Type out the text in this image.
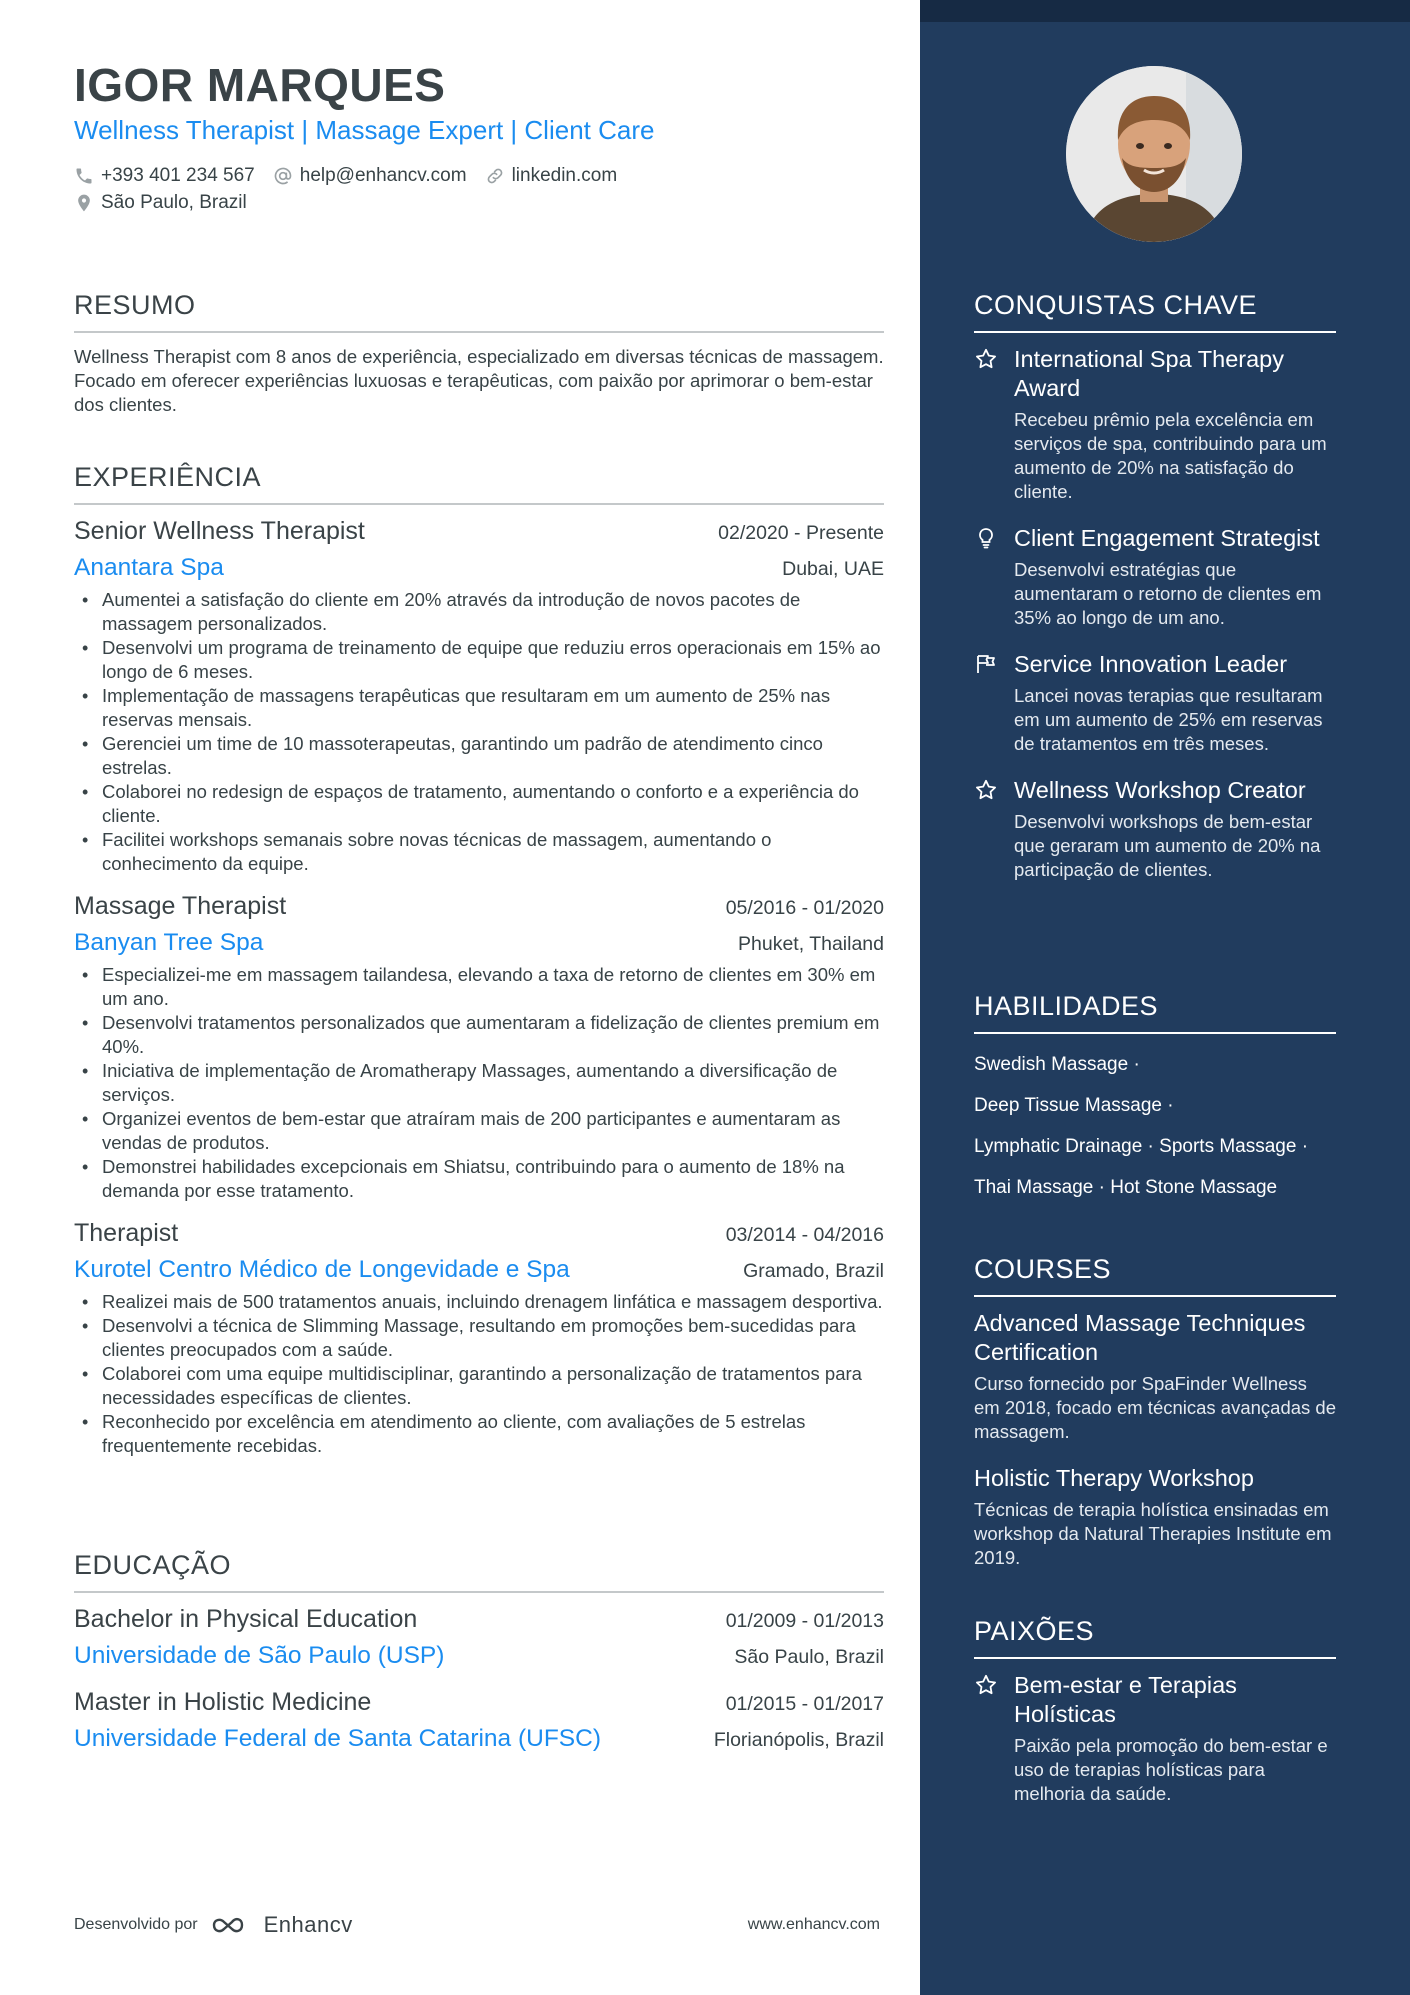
IGOR MARQUES
Wellness Therapist | Massage Expert | Client Care
+393 401 234 567 help@enhancv.com linkedin.com
São Paulo, Brazil
RESUMO
Wellness Therapist com 8 anos de experiência, especializado em diversas técnicas de massagem. Focado em oferecer experiências luxuosas e terapêuticas, com paixão por aprimorar o bem-estar dos clientes.
EXPERIÊNCIA
Senior Wellness Therapist	02/2020 - Presente
Anantara Spa	Dubai, UAE
• Aumentei a satisfação do cliente em 20% através da introdução de novos pacotes de massagem personalizados.
• Desenvolvi um programa de treinamento de equipe que reduziu erros operacionais em 15% ao longo de 6 meses.
• Implementação de massagens terapêuticas que resultaram em um aumento de 25% nas reservas mensais.
• Gerenciei um time de 10 massoterapeutas, garantindo um padrão de atendimento cinco estrelas.
• Colaborei no redesign de espaços de tratamento, aumentando o conforto e a experiência do cliente.
• Facilitei workshops semanais sobre novas técnicas de massagem, aumentando o conhecimento da equipe.
Massage Therapist	05/2016 - 01/2020
Banyan Tree Spa	Phuket, Thailand
• Especializei-me em massagem tailandesa, elevando a taxa de retorno de clientes em 30% em um ano.
• Desenvolvi tratamentos personalizados que aumentaram a fidelização de clientes premium em 40%.
• Iniciativa de implementação de Aromatherapy Massages, aumentando a diversificação de serviços.
• Organizei eventos de bem-estar que atraíram mais de 200 participantes e aumentaram as vendas de produtos.
• Demonstrei habilidades excepcionais em Shiatsu, contribuindo para o aumento de 18% na demanda por esse tratamento.
Therapist	03/2014 - 04/2016
Kurotel Centro Médico de Longevidade e Spa	Gramado, Brazil
• Realizei mais de 500 tratamentos anuais, incluindo drenagem linfática e massagem desportiva.
• Desenvolvi a técnica de Slimming Massage, resultando em promoções bem-sucedidas para clientes preocupados com a saúde.
• Colaborei com uma equipe multidisciplinar, garantindo a personalização de tratamentos para necessidades específicas de clientes.
• Reconhecido por excelência em atendimento ao cliente, com avaliações de 5 estrelas frequentemente recebidas.
EDUCAÇÃO
Bachelor in Physical Education	01/2009 - 01/2013
Universidade de São Paulo (USP)	São Paulo, Brazil
Master in Holistic Medicine	01/2015 - 01/2017
Universidade Federal de Santa Catarina (UFSC)	Florianópolis, Brazil
Desenvolvido por	Enhancv	www.enhancv.com
CONQUISTAS CHAVE
International Spa Therapy Award
Recebeu prêmio pela excelência em serviços de spa, contribuindo para um aumento de 20% na satisfação do cliente.
Client Engagement Strategist
Desenvolvi estratégias que aumentaram o retorno de clientes em 35% ao longo de um ano.
Service Innovation Leader
Lancei novas terapias que resultaram em um aumento de 25% em reservas de tratamentos em três meses.
Wellness Workshop Creator
Desenvolvi workshops de bem-estar que geraram um aumento de 20% na participação de clientes.
HABILIDADES
Swedish Massage ·
Deep Tissue Massage ·
Lymphatic Drainage · Sports Massage ·
Thai Massage · Hot Stone Massage
COURSES
Advanced Massage Techniques Certification
Curso fornecido por SpaFinder Wellness em 2018, focado em técnicas avançadas de massagem.
Holistic Therapy Workshop
Técnicas de terapia holística ensinadas em workshop da Natural Therapies Institute em 2019.
PAIXÕES
Bem-estar e Terapias Holísticas
Paixão pela promoção do bem-estar e uso de terapias holísticas para melhoria da saúde.
